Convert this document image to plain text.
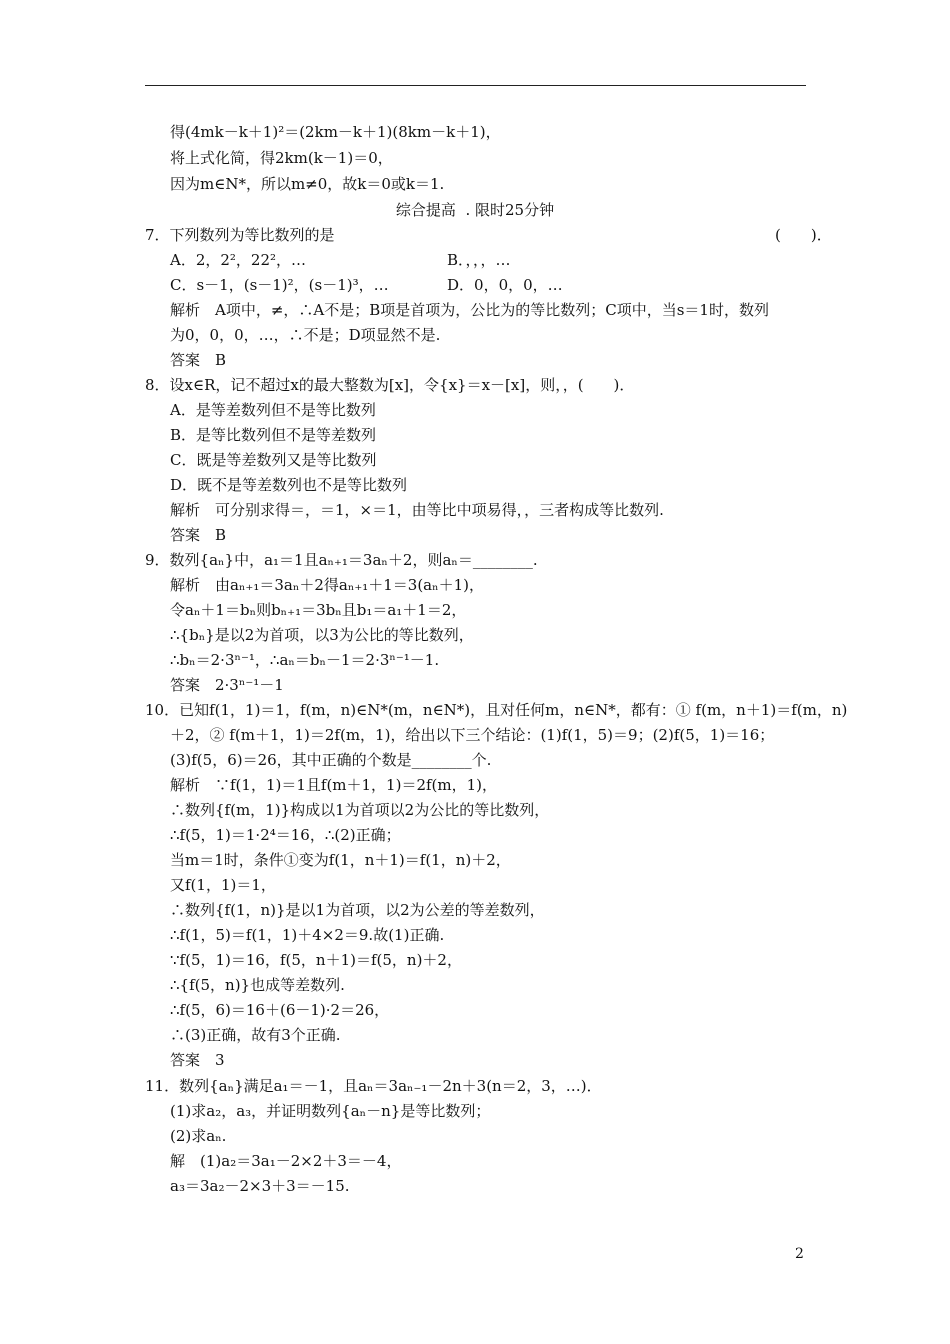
得(4mk－k＋1)²＝(2km－k＋1)(8km－k＋1)，
将上式化简，得2km(k－1)＝0，
因为m∈N*，所以m≠0，故k＝0或k＝1.
综合提高  . 限时25分钟
7．下列数列为等比数列的是	(　　)．
A．2，2²，22²，…	B．，，，…
C．s－1，(s－1)²，(s－1)³，…	D．0，0，0，…
解析　A项中，≠，∴A不是；B项是首项为，公比为的等比数列；C项中，当s＝1时，数列
为0，0，0，…，∴不是；D项显然不是.
答案　B
8．设x∈R，记不超过x的最大整数为[x]，令{x}＝x－[x]，则，，(　　)．
A．是等差数列但不是等比数列
B．是等比数列但不是等差数列
C．既是等差数列又是等比数列
D．既不是等差数列也不是等比数列
解析　可分别求得＝，＝1，×＝1，由等比中项易得，，三者构成等比数列.
答案　B
9．数列{aₙ}中，a₁＝1且aₙ₊₁＝3aₙ＋2，则aₙ＝________.
解析　由aₙ₊₁＝3aₙ＋2得aₙ₊₁＋1＝3(aₙ＋1)，
令aₙ＋1＝bₙ则bₙ₊₁＝3bₙ且b₁＝a₁＋1＝2，
∴{bₙ}是以2为首项，以3为公比的等比数列，
∴bₙ＝2·3ⁿ⁻¹，∴aₙ＝bₙ－1＝2·3ⁿ⁻¹－1.
答案　2·3ⁿ⁻¹－1
10．已知f(1，1)＝1，f(m，n)∈N*(m，n∈N*)，且对任何m，n∈N*，都有：① f(m，n＋1)＝f(m，n)
＋2，② f(m＋1，1)＝2f(m，1)，给出以下三个结论：(1)f(1，5)＝9；(2)f(5，1)＝16；
(3)f(5，6)＝26，其中正确的个数是________个.
解析　∵f(1，1)＝1且f(m＋1，1)＝2f(m，1)，
∴数列{f(m，1)}构成以1为首项以2为公比的等比数列，
∴f(5，1)＝1·2⁴＝16，∴(2)正确；
当m＝1时，条件①变为f(1，n＋1)＝f(1，n)＋2，
又f(1，1)＝1，
∴数列{f(1，n)}是以1为首项，以2为公差的等差数列，
∴f(1，5)＝f(1，1)＋4×2＝9.故(1)正确.
∵f(5，1)＝16，f(5，n＋1)＝f(5，n)＋2，
∴{f(5，n)}也成等差数列.
∴f(5，6)＝16＋(6－1)·2＝26，
∴(3)正确，故有3个正确.
答案　3
11．数列{aₙ}满足a₁＝－1，且aₙ＝3aₙ₋₁－2n＋3(n＝2，3，…)．
(1)求a₂，a₃，并证明数列{aₙ－n}是等比数列；
(2)求aₙ.
解　(1)a₂＝3a₁－2×2＋3＝－4，
a₃＝3a₂－2×3＋3＝－15.
2
